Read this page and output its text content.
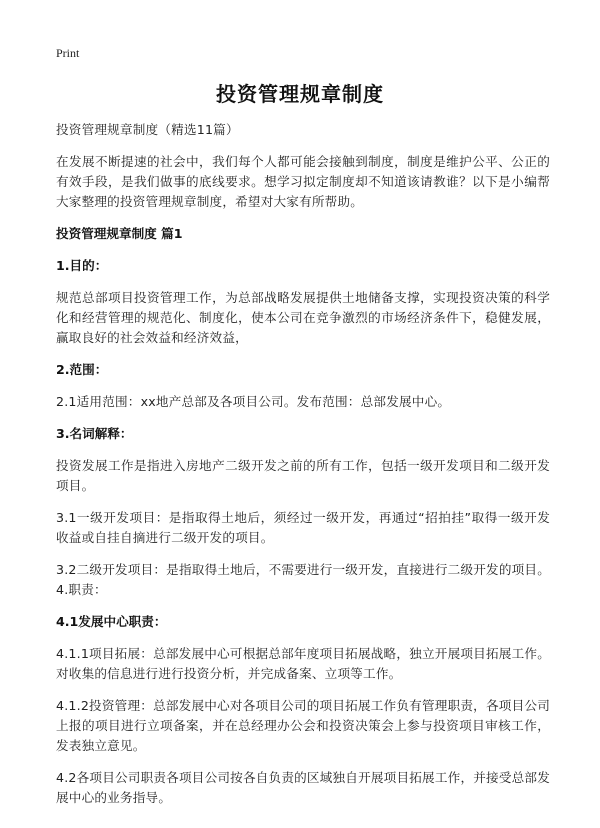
Print
投资管理规章制度
投资管理规章制度（精选11篇）
在发展不断提速的社会中，我们每个人都可能会接触到制度，制度是维护公平、公正的有效手段，是我们做事的底线要求。想学习拟定制度却不知道该请教谁？以下是小编帮大家整理的投资管理规章制度，希望对大家有所帮助。
投资管理规章制度 篇1
1.目的：
规范总部项目投资管理工作，为总部战略发展提供土地储备支撑，实现投资决策的科学化和经营管理的规范化、制度化，使本公司在竞争激烈的市场经济条件下，稳健发展，赢取良好的社会效益和经济效益，
2.范围：
2.1适用范围：xx地产总部及各项目公司。发布范围：总部发展中心。
3.名词解释：
投资发展工作是指进入房地产二级开发之前的所有工作，包括一级开发项目和二级开发项目。
3.1一级开发项目：是指取得土地后，须经过一级开发，再通过“招拍挂”取得一级开发收益或自挂自摘进行二级开发的项目。
3.2二级开发项目：是指取得土地后，不需要进行一级开发，直接进行二级开发的项目。4.职责：
4.1发展中心职责：
4.1.1项目拓展：总部发展中心可根据总部年度项目拓展战略，独立开展项目拓展工作。对收集的信息进行进行投资分析，并完成备案、立项等工作。
4.1.2投资管理：总部发展中心对各项目公司的项目拓展工作负有管理职责，各项目公司上报的项目进行立项备案，并在总经理办公会和投资决策会上参与投资项目审核工作，发表独立意见。
4.2各项目公司职责各项目公司按各自负责的区域独自开展项目拓展工作，并接受总部发展中心的业务指导。
